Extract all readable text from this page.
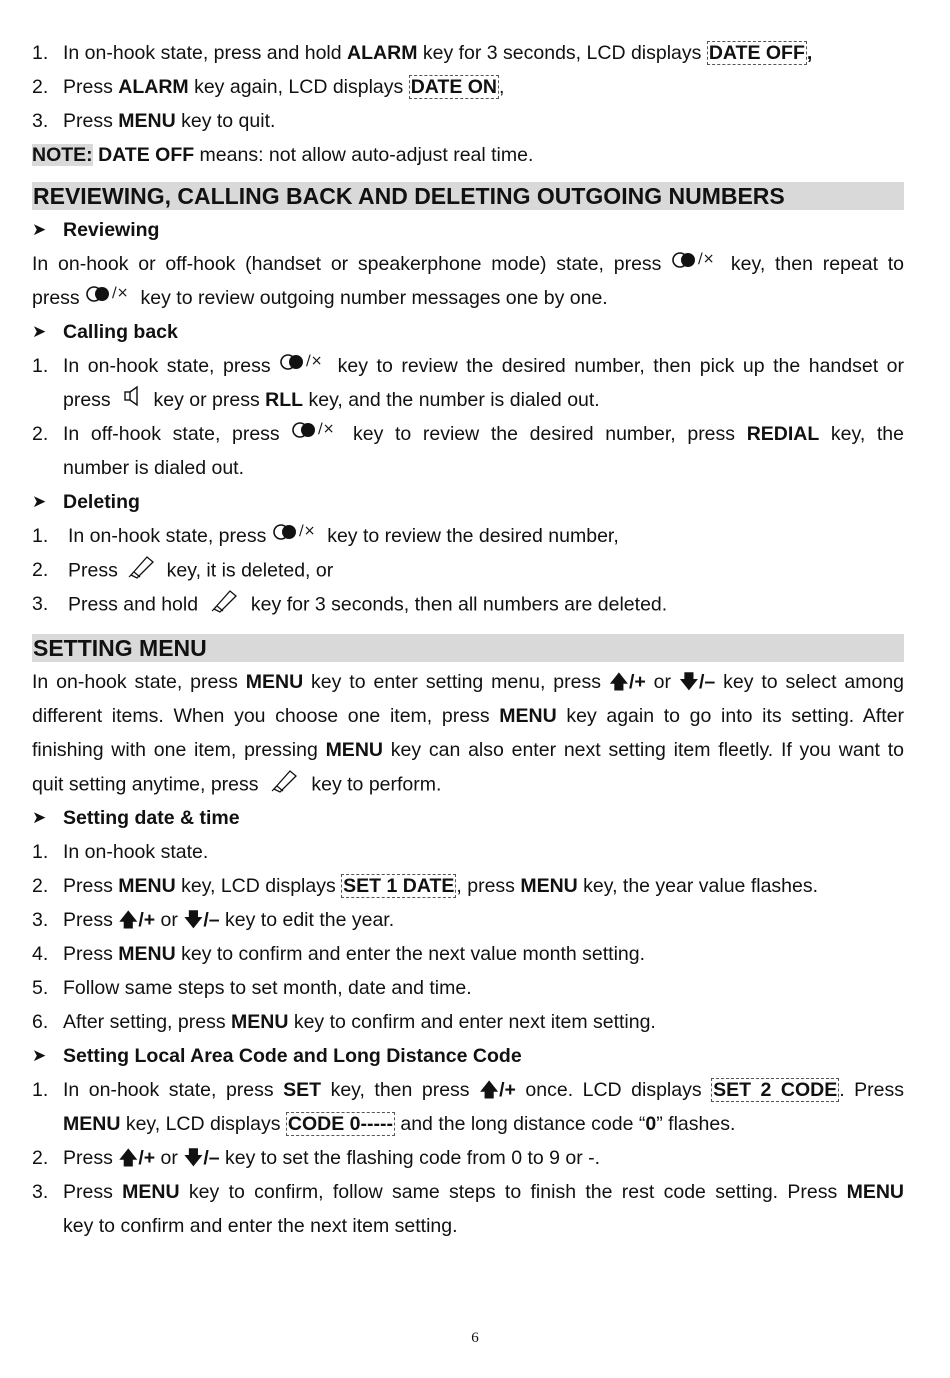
1. In on-hook state, press and hold ALARM key for 3 seconds, LCD displays DATE OFF ,
2. Press ALARM key again, LCD displays DATE ON ,
3. Press MENU key to quit.
NOTE: DATE OFF means: not allow auto-adjust real time.
REVIEWING, CALLING BACK AND DELETING OUTGOING NUMBERS
➤ Reviewing
In on-hook or off-hook (handset or speakerphone mode) state, press /× key, then repeat to
press /× key to review outgoing number messages one by one.
➤ Calling back
1. In on-hook state, press /× key to review the desired number, then pick up the handset or
press  key or press RLL key, and the number is dialed out.
2. In off-hook state, press /× key to review the desired number, press REDIAL key, the
number is dialed out.
➤ Deleting
1. In on-hook state, press /× key to review the desired number,
2. Press  key, it is deleted, or
3. Press and hold  key for 3 seconds, then all numbers are deleted.
SETTING MENU
In on-hook state, press MENU key to enter setting menu, press 🡅/+ or 🡇/– key to select among
different items. When you choose one item, press MENU key again to go into its setting. After
finishing with one item, pressing MENU key can also enter next setting item fleetly. If you want to
quit setting anytime, press  key to perform.
➤ Setting date & time
1. In on-hook state.
2. Press MENU key, LCD displays SET 1 DATE , press MENU key, the year value flashes.
3. Press 🡅/+ or 🡇/– key to edit the year.
4. Press MENU key to confirm and enter the next value month setting.
5. Follow same steps to set month, date and time.
6. After setting, press MENU key to confirm and enter next item setting.
➤ Setting Local Area Code and Long Distance Code
1. In on-hook state, press SET key, then press 🡅/+ once. LCD displays SET 2 CODE . Press
MENU key, LCD displays CODE 0----- and the long distance code “0” flashes.
2. Press 🡅/+ or 🡇/– key to set the flashing code from 0 to 9 or -.
3. Press MENU key to confirm, follow same steps to finish the rest code setting. Press MENU
key to confirm and enter the next item setting.
6
